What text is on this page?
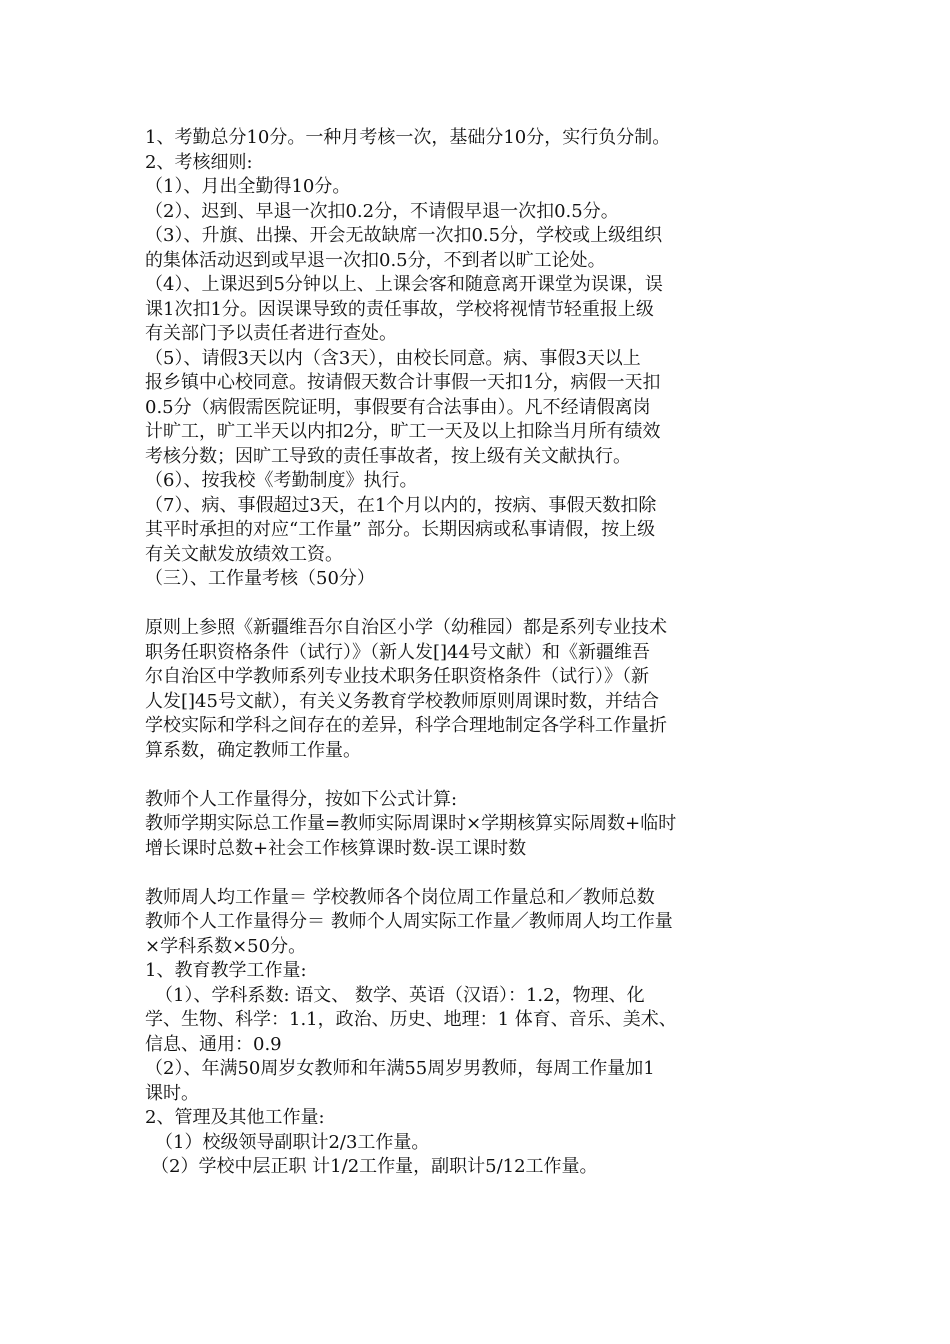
1、考勤总分10分。一种月考核一次，基础分10分，实行负分制。
2、考核细则:
（1）、月出全勤得10分。
（2）、迟到、早退一次扣0.2分，不请假早退一次扣0.5分。
（3）、升旗、出操、开会无故缺席一次扣0.5分，学校或上级组织
的集体活动迟到或早退一次扣0.5分，不到者以旷工论处。
（4）、上课迟到5分钟以上、上课会客和随意离开课堂为误课，误
课1次扣1分。因误课导致的责任事故，学校将视情节轻重报上级
有关部门予以责任者进行查处。
（5）、请假3天以内（含3天），由校长同意。病、事假3天以上
报乡镇中心校同意。按请假天数合计事假一天扣1分，病假一天扣
0.5分（病假需医院证明，事假要有合法事由）。凡不经请假离岗
计旷工，旷工半天以内扣2分，旷工一天及以上扣除当月所有绩效
考核分数；因旷工导致的责任事故者，按上级有关文献执行。
（6）、按我校《考勤制度》执行。
（7）、病、事假超过3天，在1个月以内的，按病、事假天数扣除
其平时承担的对应“工作量” 部分。长期因病或私事请假，按上级
有关文献发放绩效工资。
（三）、工作量考核（50分）
原则上参照《新疆维吾尔自治区小学（幼稚园）都是系列专业技术
职务任职资格条件（试行）》（新人发[]44号文献）和《新疆维吾
尔自治区中学教师系列专业技术职务任职资格条件（试行）》（新
人发[]45号文献），有关义务教育学校教师原则周课时数，并结合
学校实际和学科之间存在的差异，科学合理地制定各学科工作量折
算系数，确定教师工作量。
教师个人工作量得分，按如下公式计算:
教师学期实际总工作量=教师实际周课时×学期核算实际周数+临时
增长课时总数+社会工作核算课时数-误工课时数
教师周人均工作量＝ 学校教师各个岗位周工作量总和／教师总数
教师个人工作量得分＝ 教师个人周实际工作量／教师周人均工作量
×学科系数×50分。
1、教育教学工作量:
（1）、学科系数: 语文、 数学、英语（汉语）：1.2，物理、化
学、生物、科学：1.1，政治、历史、地理：1 体育、音乐、美术、
信息、通用：0.9
（2）、年满50周岁女教师和年满55周岁男教师，每周工作量加1
课时。
2、管理及其他工作量:
（1）校级领导副职计2/3工作量。
（2）学校中层正职 计1/2工作量，副职计5/12工作量。
